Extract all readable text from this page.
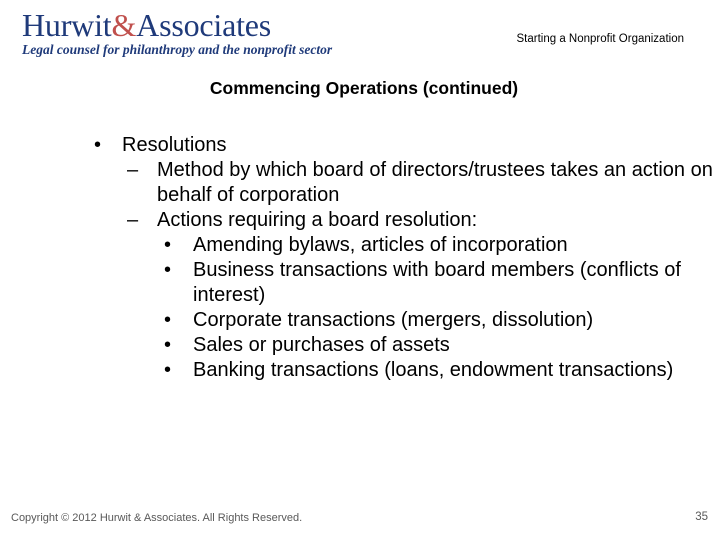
Hurwit&Associates
Legal counsel for philanthropy and the nonprofit sector
Starting a Nonprofit Organization
Commencing Operations (continued)
• Resolutions
– Method by which board of directors/trustees takes an action on behalf of corporation
– Actions requiring a board resolution:
• Amending bylaws, articles of incorporation
• Business transactions with board members (conflicts of interest)
• Corporate transactions (mergers, dissolution)
• Sales or purchases of assets
• Banking transactions (loans, endowment transactions)
Copyright © 2012 Hurwit & Associates. All Rights Reserved.	35
